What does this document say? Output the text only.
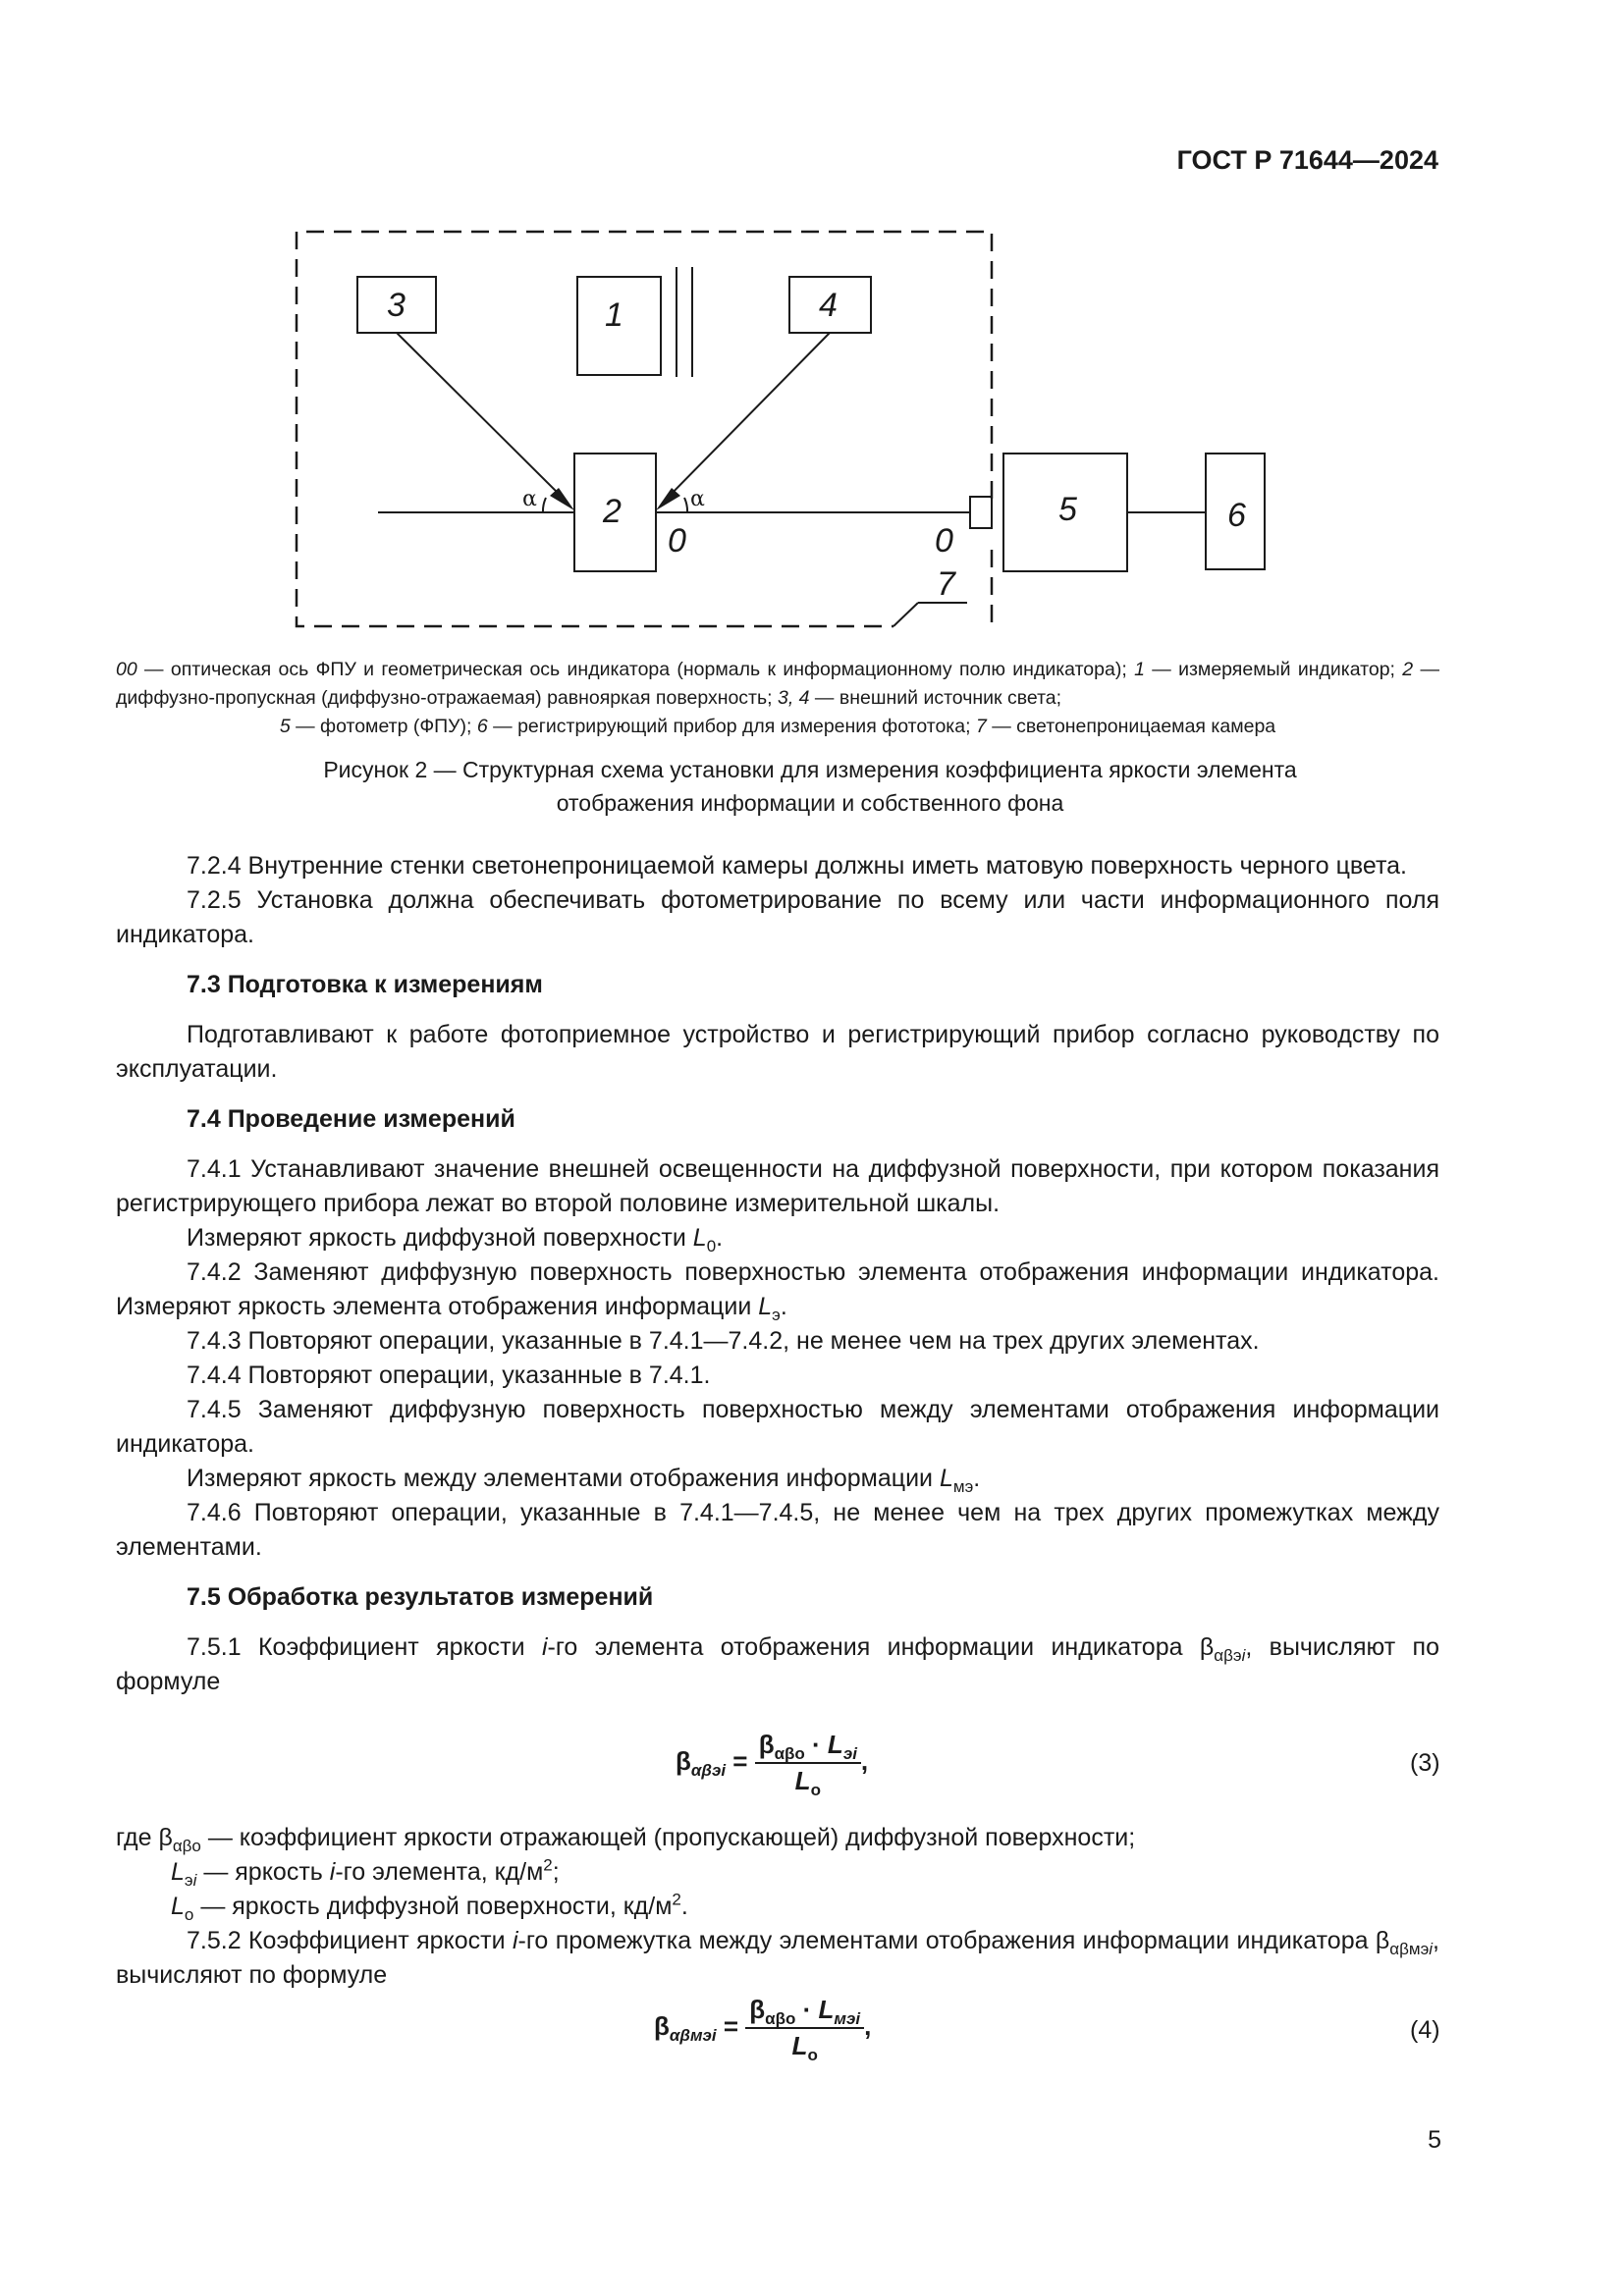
ГОСТ Р 71644—2024
1
2
3	4
5	6
0	0
7
α	α

00 — оптическая ось ФПУ и геометрическая ось индикатора (нормаль к информационному полю индикатора); 1 — измеряемый индикатор; 2 — диффузно-пропускная (диффузно-отражаемая) равнояркая поверхность; 3, 4 — внешний источник света;

5 — фотометр (ФПУ); 6 — регистрирующий прибор для измерения фототока; 7 — светонепроницаемая камера

Рисунок 2 — Структурная схема установки для измерения коэффициента яркости элемента

отображения информации и собственного фона

7.2.4 Внутренние стенки светонепроницаемой камеры должны иметь матовую поверхность черного цвета.

7.2.5 Установка должна обеспечивать фотометрирование по всему или части информационного поля индикатора.

7.3 Подготовка к измерениям

Подготавливают к работе фотоприемное устройство и регистрирующий прибор согласно руководству по эксплуатации.

7.4 Проведение измерений

7.4.1 Устанавливают значение внешней освещенности на диффузной поверхности, при котором показания регистрирующего прибора лежат во второй половине измерительной шкалы.

Измеряют яркость диффузной поверхности $L_0$.

7.4.2 Заменяют диффузную поверхность поверхностью элемента отображения информации индикатора. Измеряют яркость элемента отображения информации $L_э$.

7.4.3 Повторяют операции, указанные в 7.4.1—7.4.2, не менее чем на трех других элементах.

7.4.4 Повторяют операции, указанные в 7.4.1.

7.4.5 Заменяют диффузную поверхность поверхностью между элементами отображения информации индикатора.

Измеряют яркость между элементами отображения информации $L_{мэ}$.

7.4.6 Повторяют операции, указанные в 7.4.1—7.4.5, не менее чем на трех других промежутках между элементами.

7.5 Обработка результатов измерений

7.5.1 Коэффициент яркости i-го элемента отображения информации индикатора $\beta_{\alpha\beta эi}$, вычисляют по формуле

$\beta_{\alpha\beta эi} = \frac{\beta_{\alpha\beta о} \cdot L_{эi}}{L_о}$ ,	(3)

где $\beta_{\alpha\beta о}$ — коэффициент яркости отражающей (пропускающей) диффузной поверхности;

$L_{эi}$ — яркость i-го элемента, $кд/м^2$;

$L_о$ — яркость диффузной поверхности, $кд/м^2$.

7.5.2 Коэффициент яркости i-го промежутка между элементами отображения информации индикатора $\beta_{\alpha\beta мэi}$, вычисляют по формуле

$\beta_{\alpha\beta мэi} = \frac{\beta_{\alpha\beta о} \cdot L_{мэi}}{L_о}$ ,	(4)
5
